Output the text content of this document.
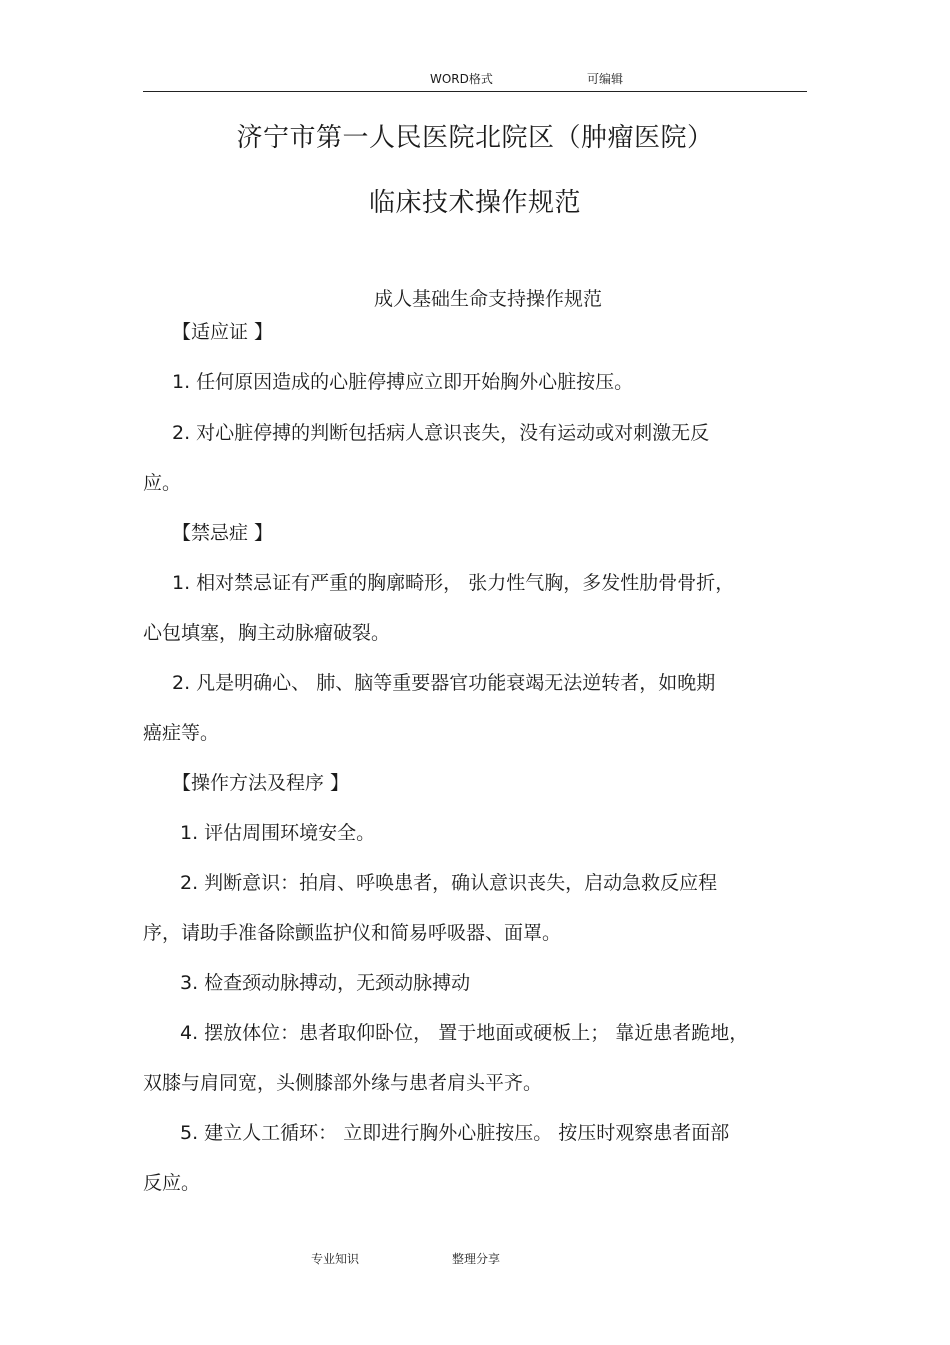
WORD格式	可编辑
济宁市第一人民医院北院区（肿瘤医院）
临床技术操作规范
成人基础生命支持操作规范
【适应证 】
1. 任何原因造成的心脏停搏应立即开始胸外心脏按压。
2. 对心脏停搏的判断包括病人意识丧失，没有运动或对刺激无反
应。
【禁忌症 】
1. 相对禁忌证有严重的胸廓畸形， 张力性气胸，多发性肋骨骨折，
心包填塞，胸主动脉瘤破裂。
2. 凡是明确心、 肺、脑等重要器官功能衰竭无法逆转者，如晚期
癌症等。
【操作方法及程序 】
1. 评估周围环境安全。
2. 判断意识：拍肩、呼唤患者，确认意识丧失，启动急救反应程
序，请助手准备除颤监护仪和简易呼吸器、面罩。
3. 检查颈动脉搏动，无颈动脉搏动
4. 摆放体位：患者取仰卧位， 置于地面或硬板上； 靠近患者跪地，
双膝与肩同宽，头侧膝部外缘与患者肩头平齐。
5. 建立人工循环： 立即进行胸外心脏按压。 按压时观察患者面部
反应。
专业知识	整理分享
